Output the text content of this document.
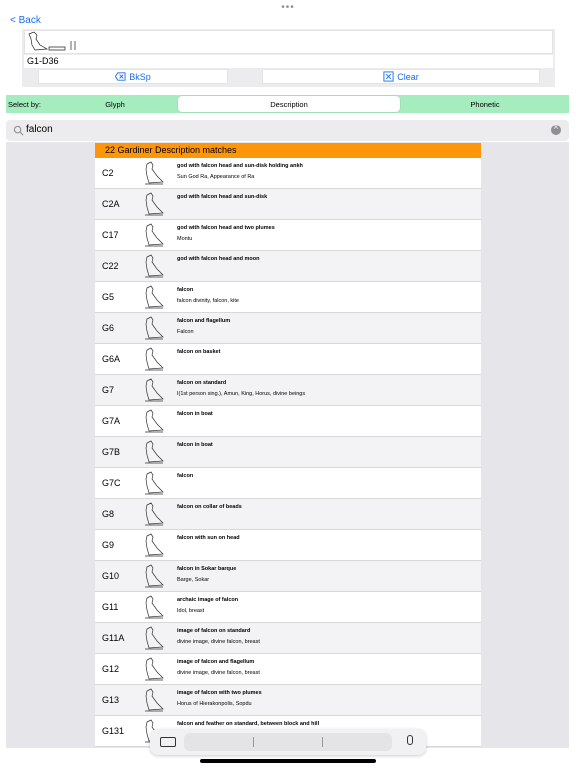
•••
< Back
G1-D36
BkSp	Clear
Select by:	Glyph	Description	Phonetic
falcon
×
22 Gardiner Description matches
C2
god with falcon head and sun-disk holding ankh
Sun God Ra, Appearance of Ra
C2A
god with falcon head and sun-disk
C17
god with falcon head and two plumes
Montu
C22
god with falcon head and moon
G5
falcon
falcon divinity, falcon, kite
G6
falcon and flagellum
Falcon
G6A
falcon on basket
G7
falcon on standard
I(1st person sing.), Amun, King, Horus, divine beings
G7A
falcon in boat
G7B
falcon in boat
G7C
falcon
G8
falcon on collar of beads
G9
falcon with sun on head
G10
falcon in Sokar barque
Barge, Sokar
G11
archaic image of falcon
Idol, breast
G11A
image of falcon on standard
divine image, divine falcon, breast
G12
image of falcon and flagellum
divine image, divine falcon, breast
G13
image of falcon with two plumes
Horus of Hierakonpolis, Sopdu
G131
falcon and feather on standard, between block and hill
